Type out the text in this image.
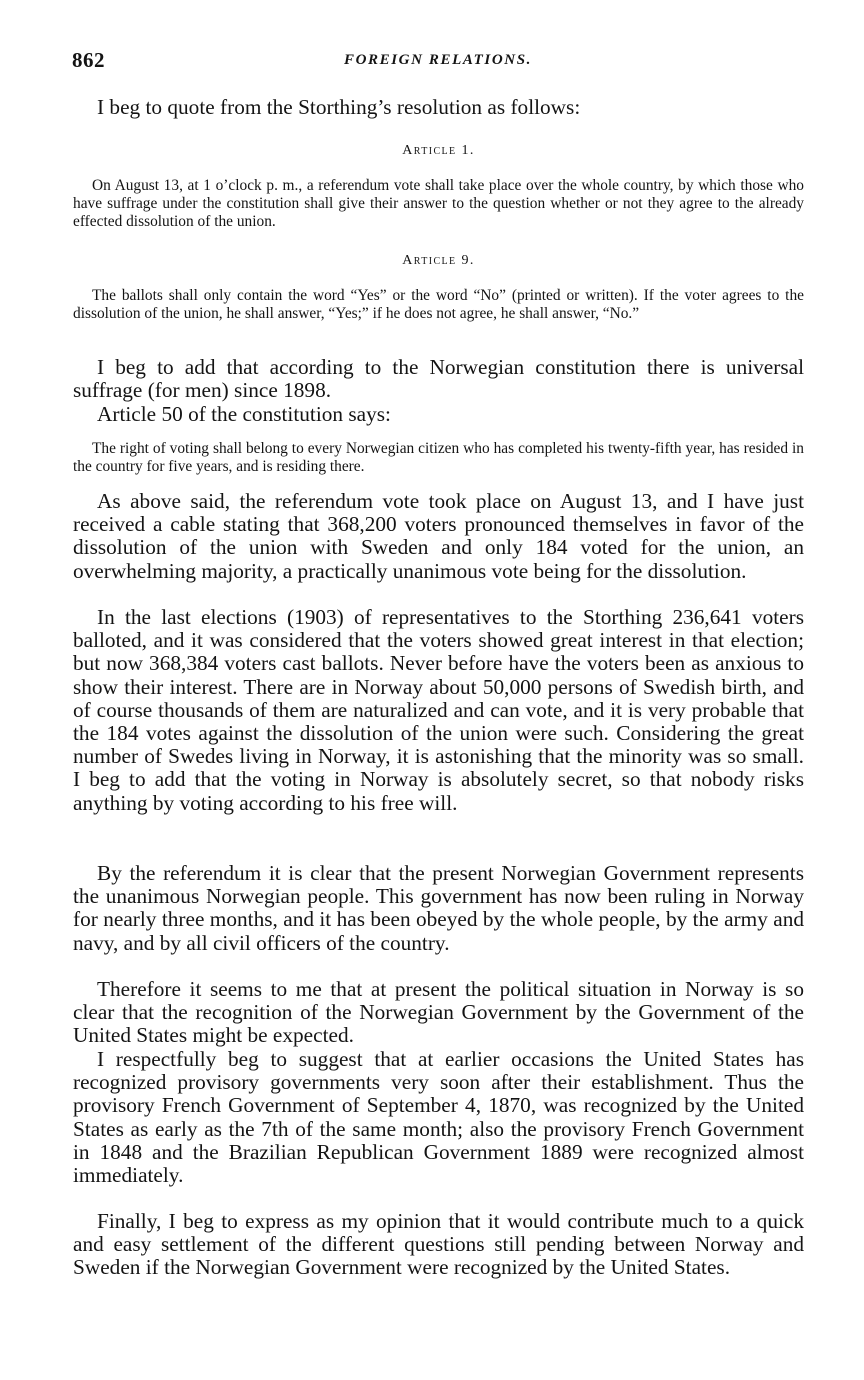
862	FOREIGN RELATIONS.

I beg to quote from the Storthing’s resolution as follows:

Article 1.

On August 13, at 1 o’clock p. m., a referendum vote shall take place over the whole country, by which those who have suffrage under the constitution shall give their answer to the question whether or not they agree to the already effected dissolution of the union.

Article 9.

The ballots shall only contain the word “Yes” or the word “No” (printed or written). If the voter agrees to the dissolution of the union, he shall answer, “Yes;” if he does not agree, he shall answer, “No.”

I beg to add that according to the Norwegian constitution there is universal suffrage (for men) since 1898.

Article 50 of the constitution says:

The right of voting shall belong to every Norwegian citizen who has completed his twenty-fifth year, has resided in the country for five years, and is residing there.

As above said, the referendum vote took place on August 13, and I have just received a cable stating that 368,200 voters pronounced themselves in favor of the dissolution of the union with Sweden and only 184 voted for the union, an overwhelming majority, a practically unanimous vote being for the dissolution.

In the last elections (1903) of representatives to the Storthing 236,641 voters balloted, and it was considered that the voters showed great interest in that election; but now 368,384 voters cast ballots. Never before have the voters been as anxious to show their interest. There are in Norway about 50,000 persons of Swedish birth, and of course thousands of them are naturalized and can vote, and it is very probable that the 184 votes against the dissolution of the union were such. Considering the great number of Swedes living in Norway, it is astonishing that the minority was so small. I beg to add that the voting in Norway is absolutely secret, so that nobody risks anything by voting according to his free will.

By the referendum it is clear that the present Norwegian Government represents the unanimous Norwegian people. This government has now been ruling in Norway for nearly three months, and it has been obeyed by the whole people, by the army and navy, and by all civil officers of the country.

Therefore it seems to me that at present the political situation in Norway is so clear that the recognition of the Norwegian Government by the Government of the United States might be expected.

I respectfully beg to suggest that at earlier occasions the United States has recognized provisory governments very soon after their establishment. Thus the provisory French Government of September 4, 1870, was recognized by the United States as early as the 7th of the same month; also the provisory French Government in 1848 and the Brazilian Republican Government 1889 were recognized almost immediately.

Finally, I beg to express as my opinion that it would contribute much to a quick and easy settlement of the different questions still pending between Norway and Sweden if the Norwegian Government were recognized by the United States.
